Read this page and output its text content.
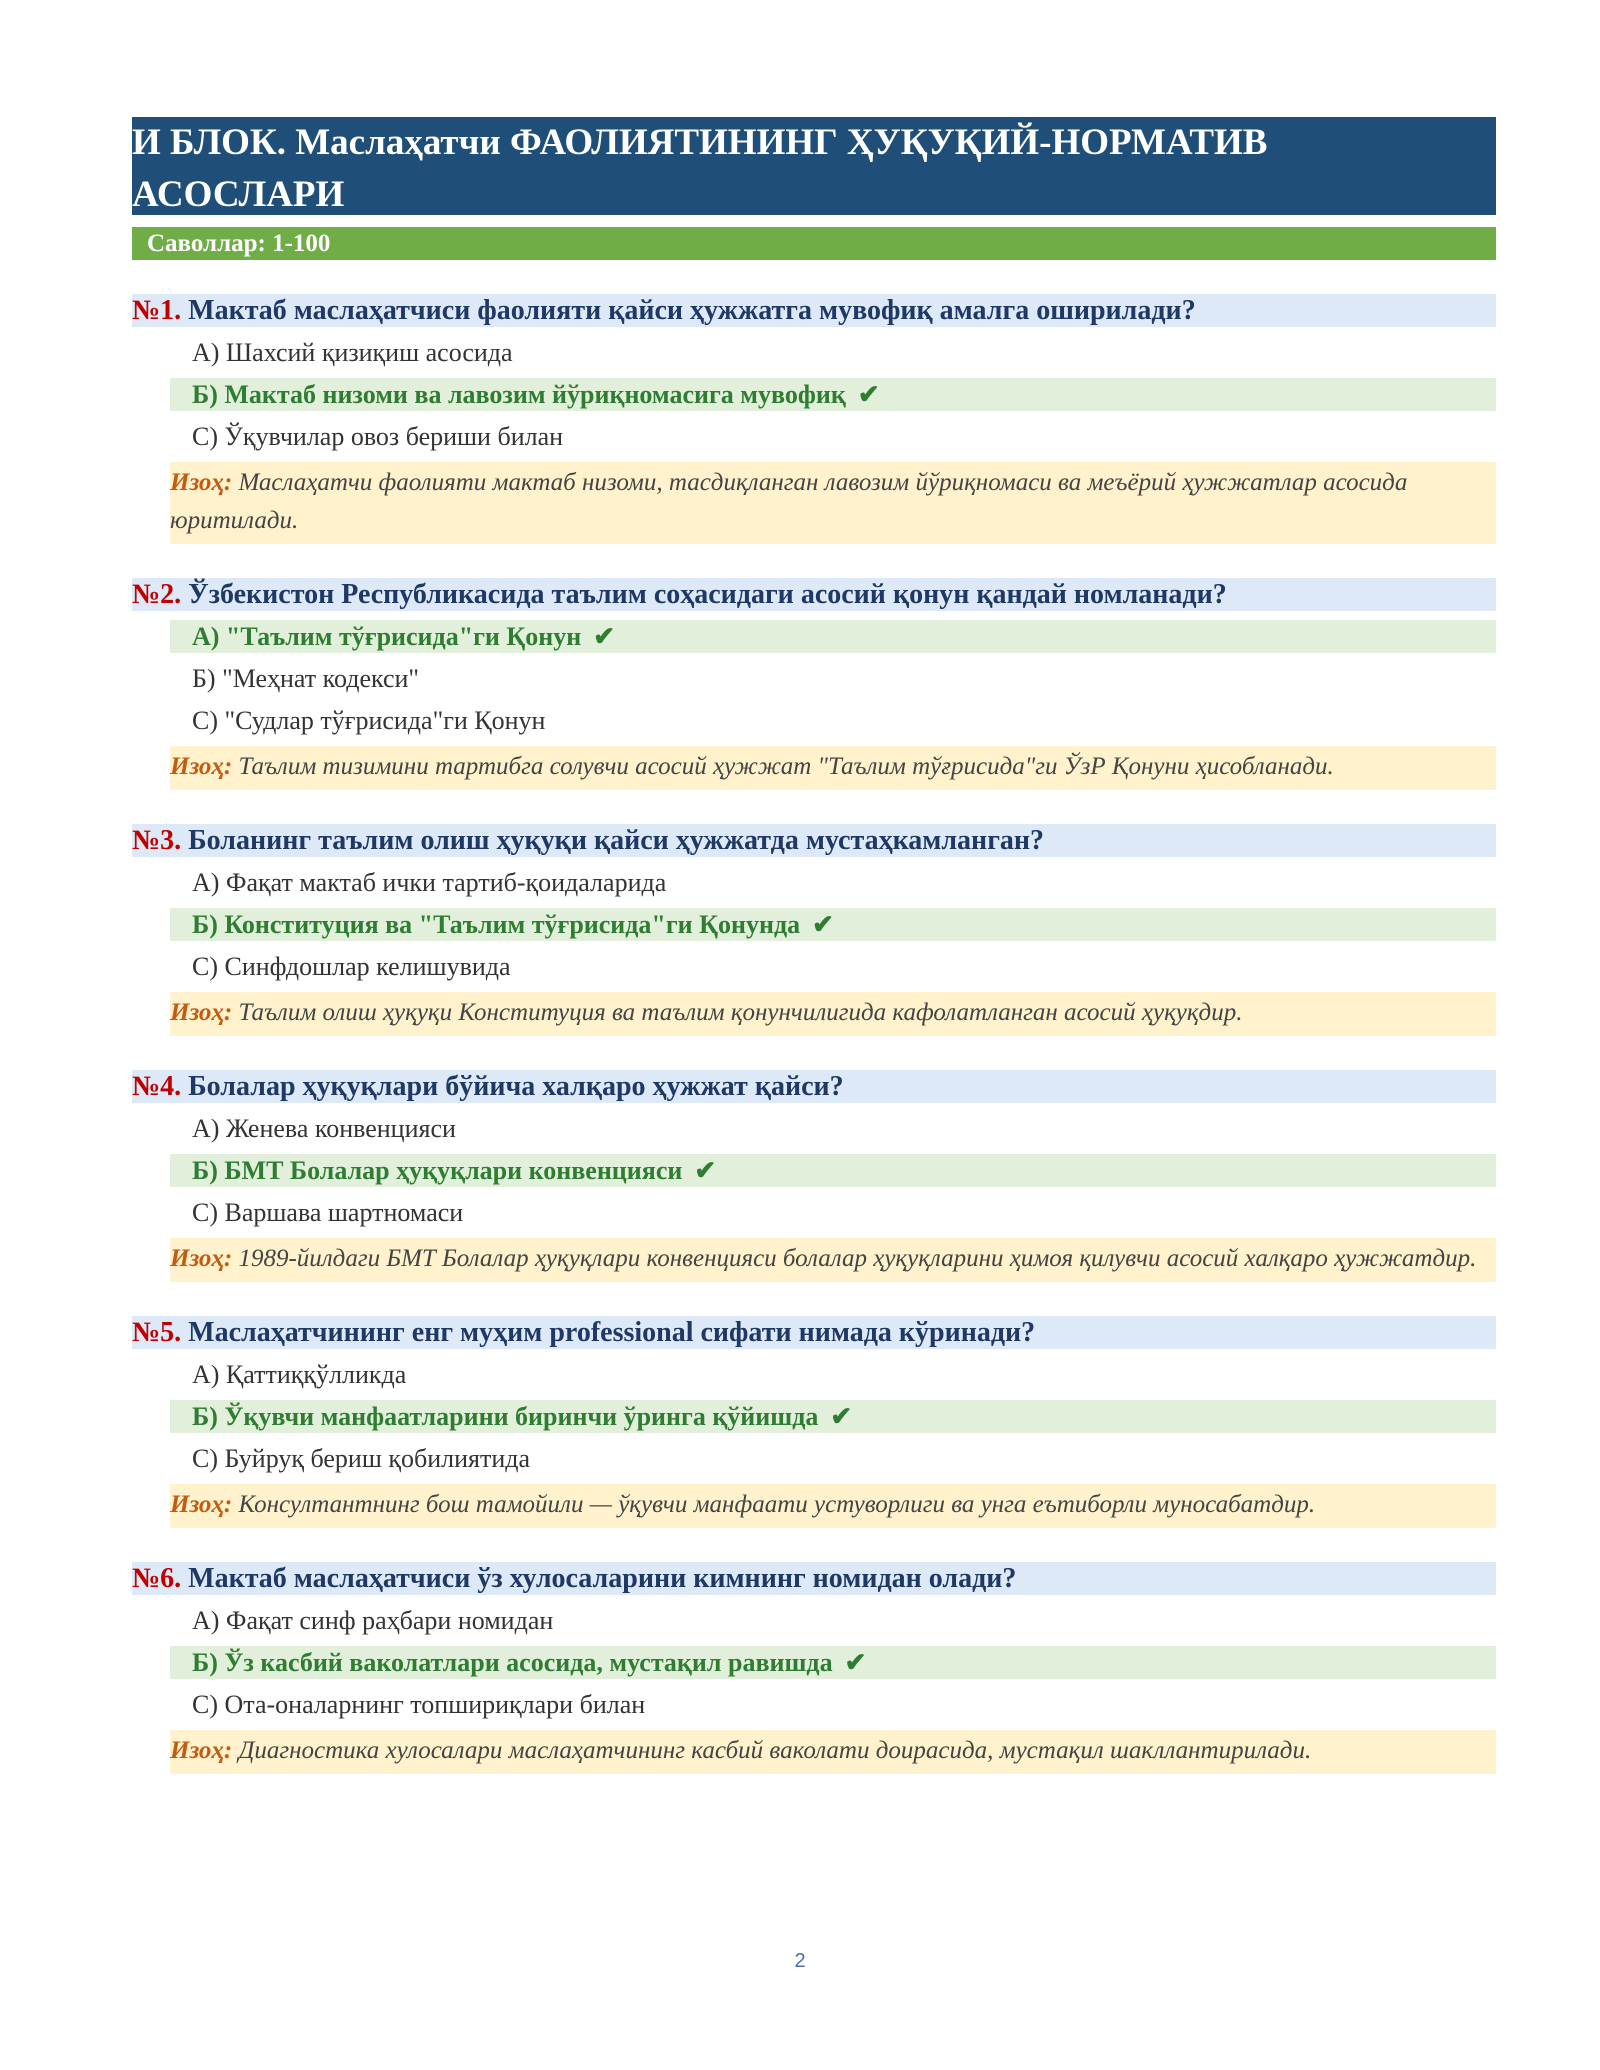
И БЛОК. Маслаҳатчи ФАОЛИЯТИНИНГ ҲУҚУҚИЙ-НОРМАТИВ
АСОСЛАРИ
Саволлар: 1-100
№1. Мактаб маслаҳатчиси фаолияти қайси ҳужжатга мувофиқ амалга оширилади?
А) Шахсий қизиқиш асосида
Б) Мактаб низоми ва лавозим йўриқномасига мувофиқ ✔
С) Ўқувчилар овоз бериши билан
Изоҳ: Маслаҳатчи фаолияти мактаб низоми, тасдиқланган лавозим йўриқномаси ва меъёрий ҳужжатлар асосида юритилади.
№2. Ўзбекистон Республикасида таълим соҳасидаги асосий қонун қандай номланади?
А) "Таълим тўғрисида"ги Қонун ✔
Б) "Меҳнат кодекси"
С) "Судлар тўғрисида"ги Қонун
Изоҳ: Таълим тизимини тартибга солувчи асосий ҳужжат "Таълим тўғрисида"ги ЎзР Қонуни ҳисобланади.
№3. Боланинг таълим олиш ҳуқуқи қайси ҳужжатда мустаҳкамланган?
А) Фақат мактаб ички тартиб-қоидаларида
Б) Конституция ва "Таълим тўғрисида"ги Қонунда ✔
С) Синфдошлар келишувида
Изоҳ: Таълим олиш ҳуқуқи Конституция ва таълим қонунчилигида кафолатланган асосий ҳуқуқдир.
№4. Болалар ҳуқуқлари бўйича халқаро ҳужжат қайси?
А) Женева конвенцияси
Б) БМТ Болалар ҳуқуқлари конвенцияси ✔
С) Варшава шартномаси
Изоҳ: 1989-йилдаги БМТ Болалар ҳуқуқлари конвенцияси болалар ҳуқуқларини ҳимоя қилувчи асосий халқаро ҳужжатдир.
№5. Маслаҳатчининг енг муҳим professional сифати нимада кўринади?
А) Қаттиққўлликда
Б) Ўқувчи манфаатларини биринчи ўринга қўйишда ✔
С) Буйруқ бериш қобилиятида
Изоҳ: Консултантнинг бош тамойили — ўқувчи манфаати устуворлиги ва унга еътиборли муносабатдир.
№6. Мактаб маслаҳатчиси ўз хулосаларини кимнинг номидан олади?
А) Фақат синф раҳбари номидан
Б) Ўз касбий ваколатлари асосида, мустақил равишда ✔
С) Ота-оналарнинг топшириқлари билан
Изоҳ: Диагностика хулосалари маслаҳатчининг касбий ваколати доирасида, мустақил шакллантирилади.
2
